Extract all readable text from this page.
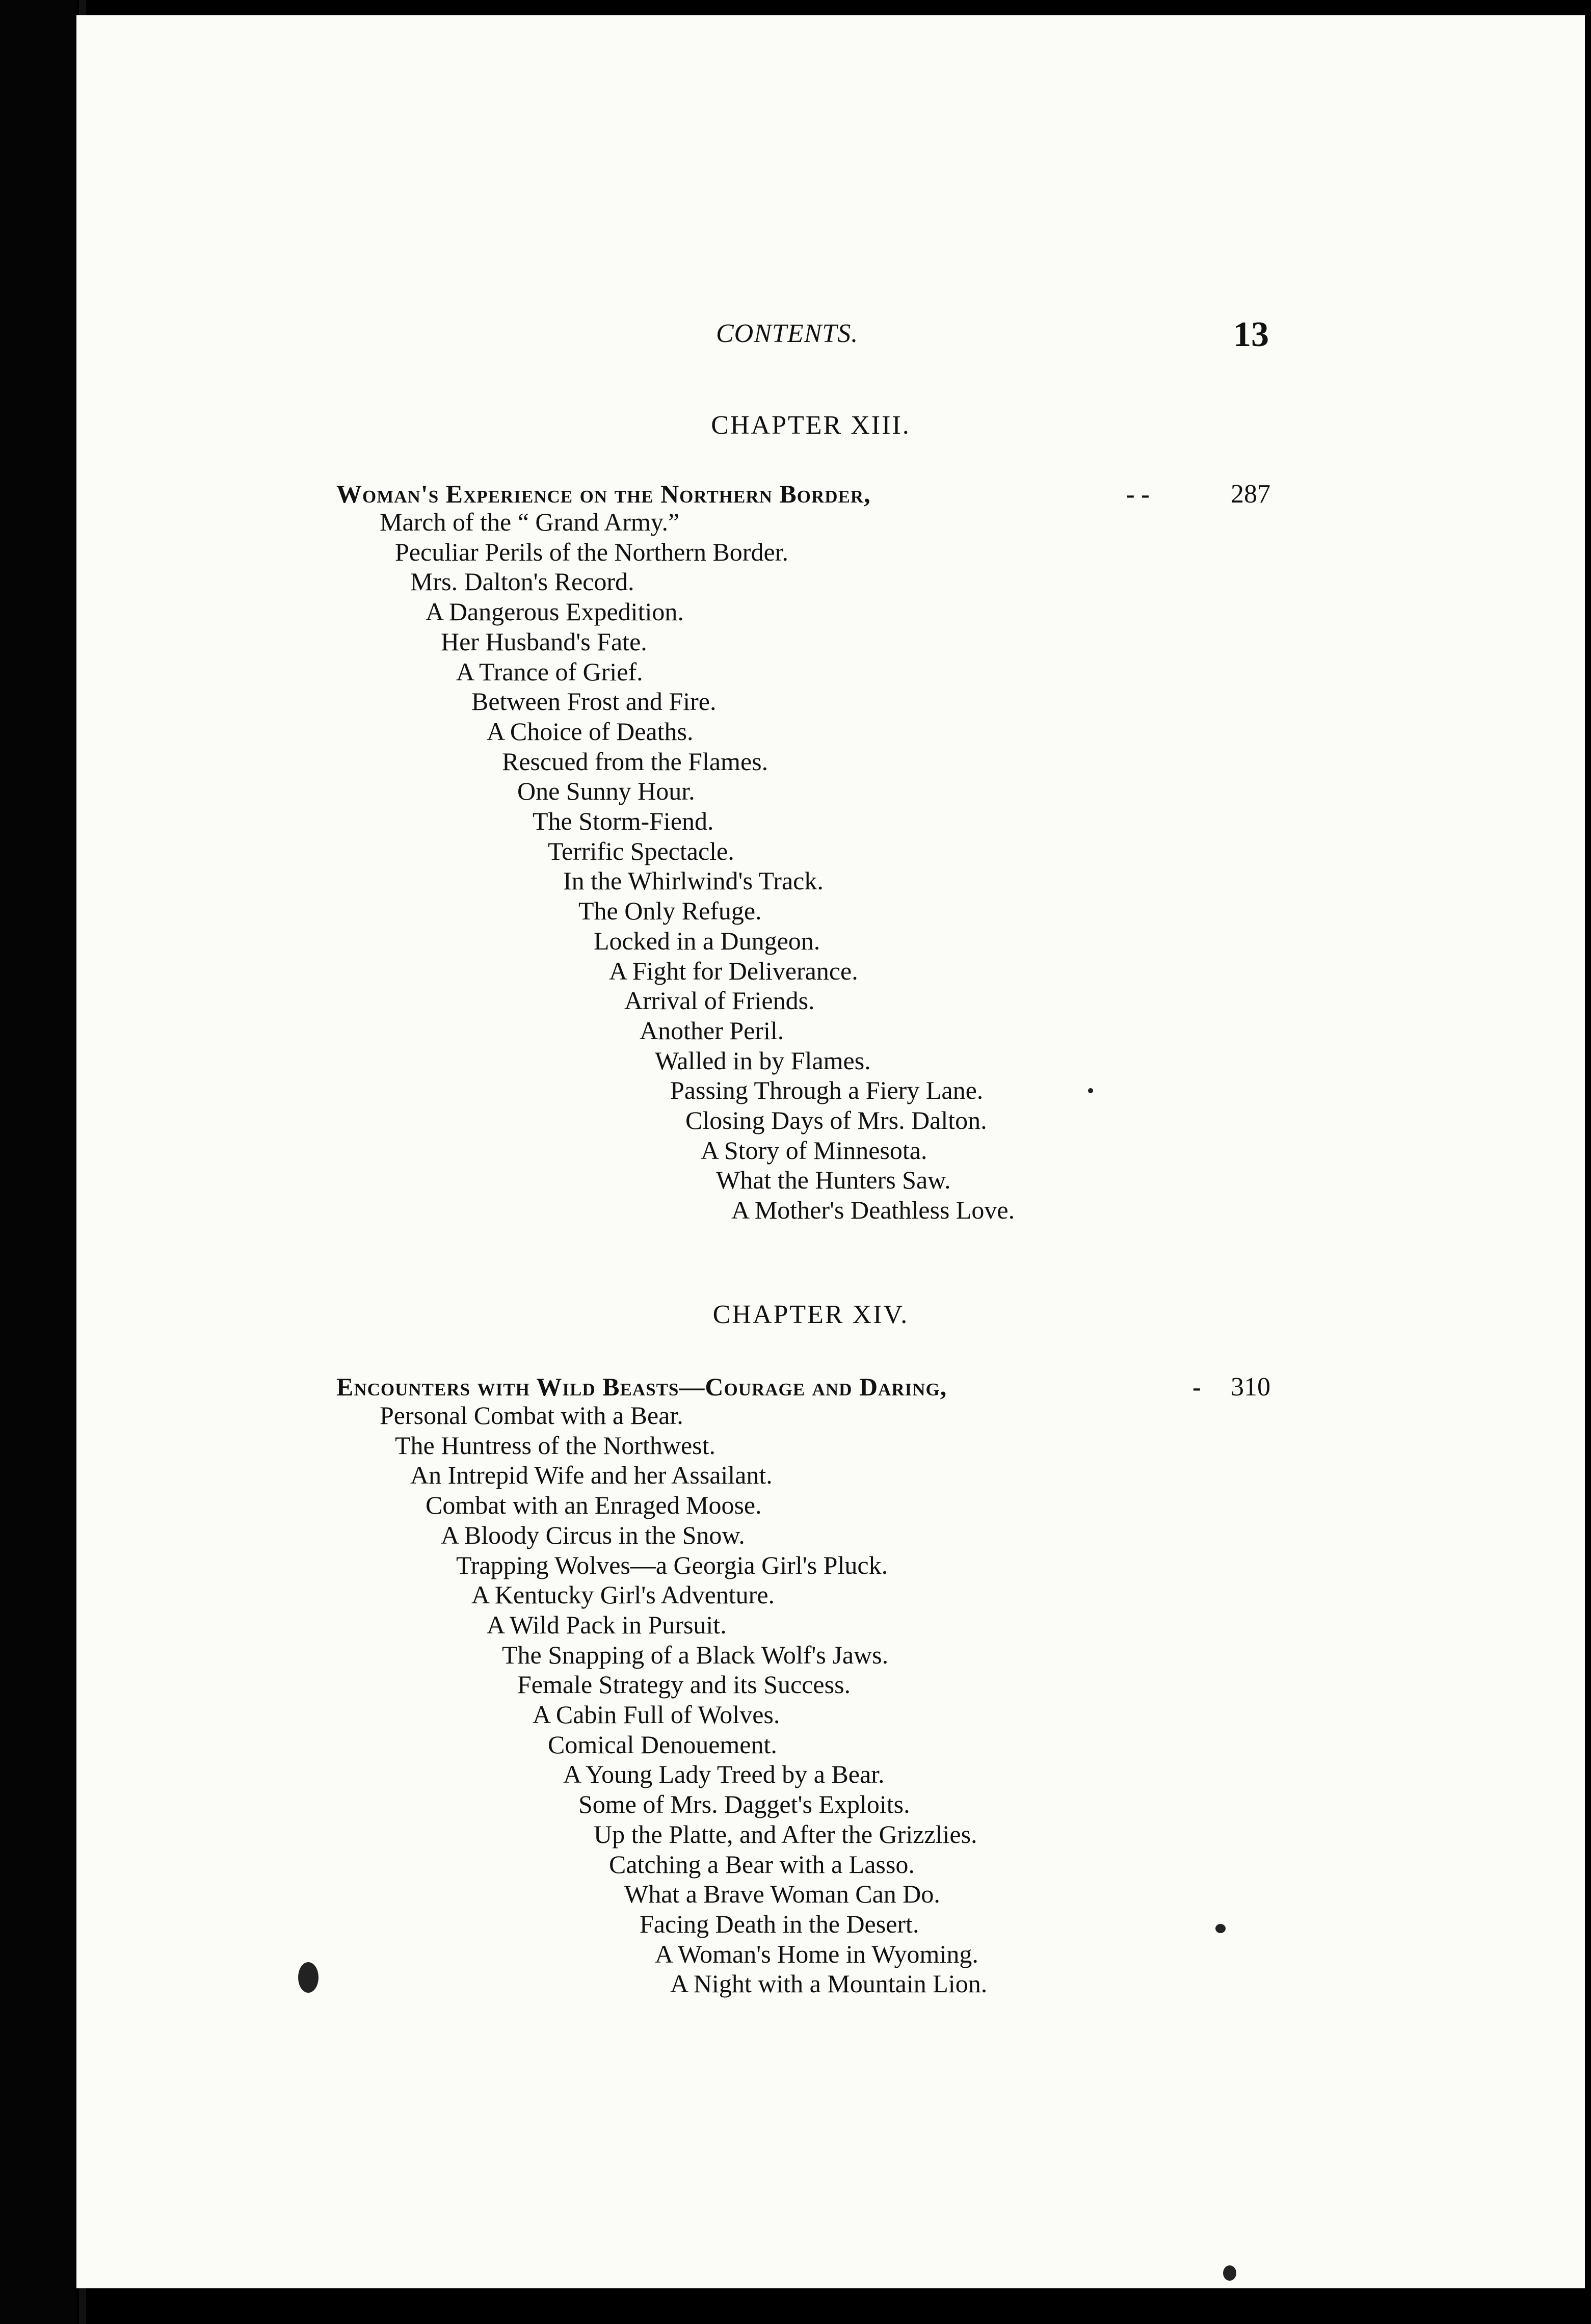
CONTENTS.	13
CHAPTER XIII.
Woman's Experience on the Northern Border,	- -	287
March of the “ Grand Army.”
Peculiar Perils of the Northern Border.
Mrs. Dalton's Record.
A Dangerous Expedition.
Her Husband's Fate.
A Trance of Grief.
Between Frost and Fire.
A Choice of Deaths.
Rescued from the Flames.
One Sunny Hour.
The Storm-Fiend.
Terrific Spectacle.
In the Whirlwind's Track.
The Only Refuge.
Locked in a Dungeon.
A Fight for Deliverance.
Arrival of Friends.
Another Peril.
Walled in by Flames.
Passing Through a Fiery Lane.
Closing Days of Mrs. Dalton.
A Story of Minnesota.
What the Hunters Saw.
A Mother's Deathless Love.
CHAPTER XIV.
Encounters with Wild Beasts—Courage and Daring,	- 310
Personal Combat with a Bear.
The Huntress of the Northwest.
An Intrepid Wife and her Assailant.
Combat with an Enraged Moose.
A Bloody Circus in the Snow.
Trapping Wolves—a Georgia Girl's Pluck.
A Kentucky Girl's Adventure.
A Wild Pack in Pursuit.
The Snapping of a Black Wolf's Jaws.
Female Strategy and its Success.
A Cabin Full of Wolves.
Comical Denouement.
A Young Lady Treed by a Bear.
Some of Mrs. Dagget's Exploits.
Up the Platte, and After the Grizzlies.
Catching a Bear with a Lasso.
What a Brave Woman Can Do.
Facing Death in the Desert.
A Woman's Home in Wyoming.
A Night with a Mountain Lion.
